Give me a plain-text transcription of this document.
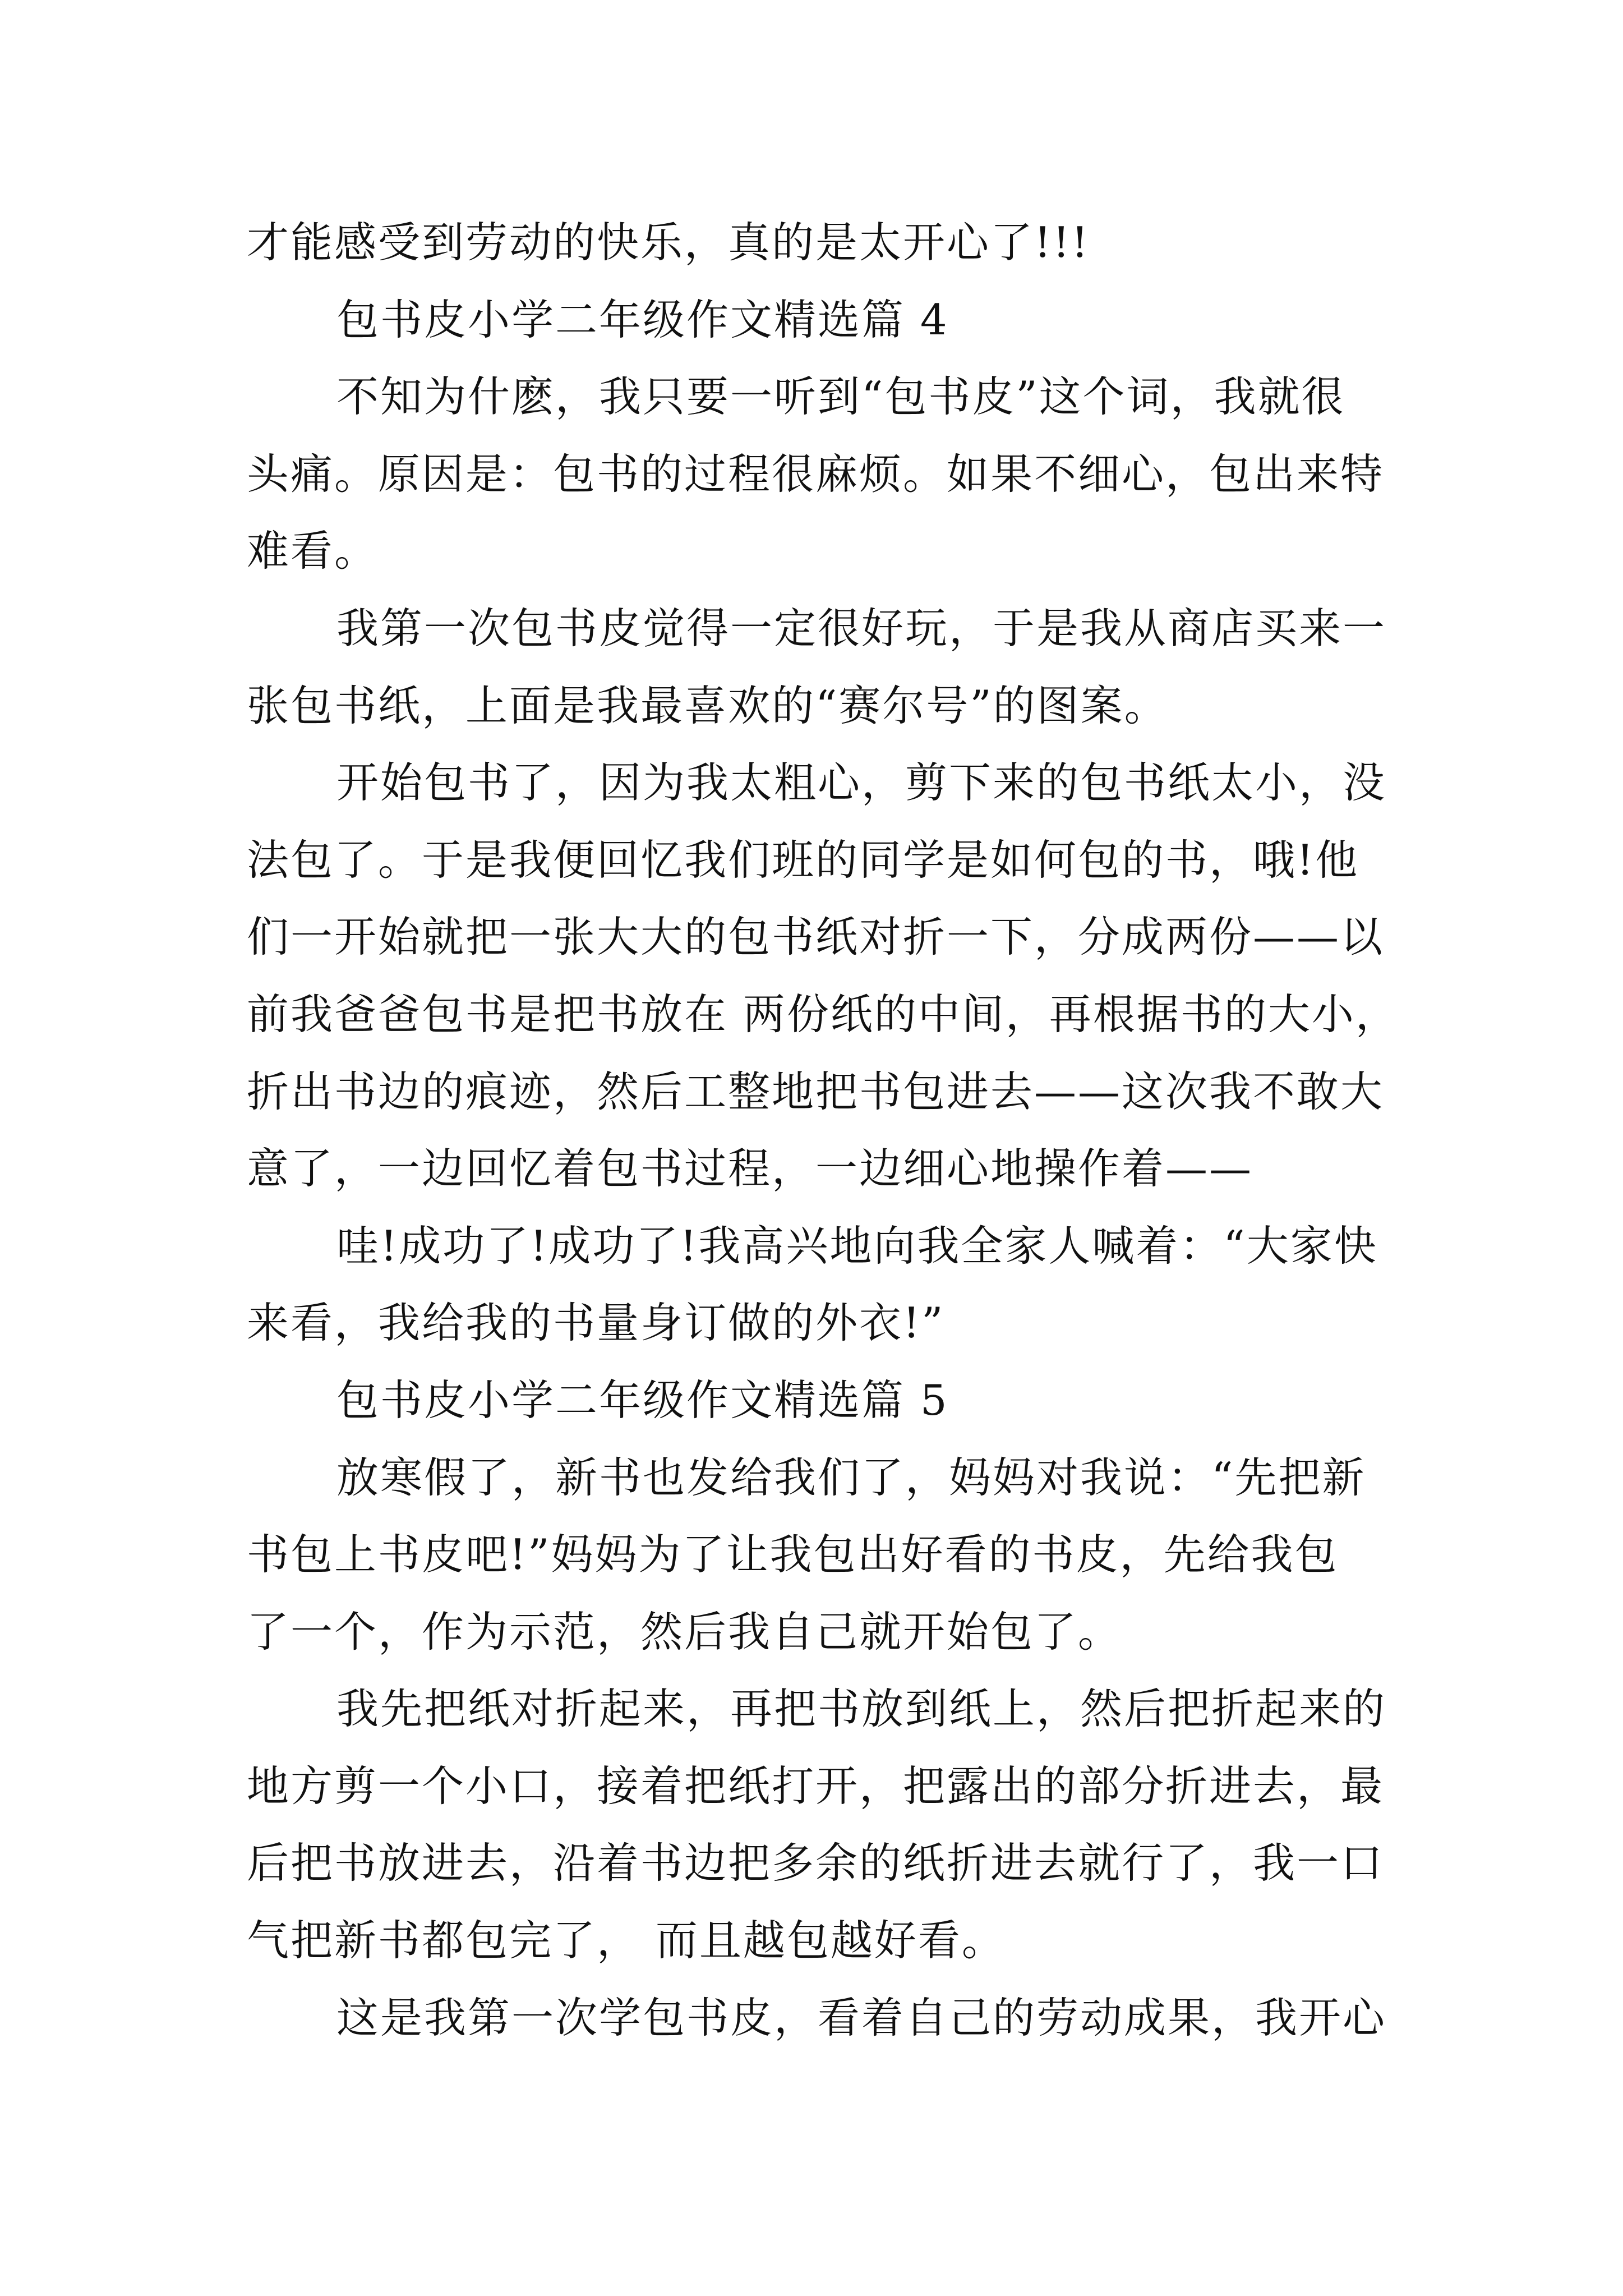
才能感受到劳动的快乐，真的是太开心了!!!
包书皮小学二年级作文精选篇 4
不知为什麽，我只要一听到“包书皮”这个词，我就很
头痛。原因是：包书的过程很麻烦。如果不细心，包出来特
难看。
我第一次包书皮觉得一定很好玩，于是我从商店买来一
张包书纸，上面是我最喜欢的“赛尔号”的图案。
开始包书了，因为我太粗心，剪下来的包书纸太小，没
法包了。于是我便回忆我们班的同学是如何包的书，哦!他
们一开始就把一张大大的包书纸对折一下，分成两份——以
前我爸爸包书是把书放在 两份纸的中间，再根据书的大小，
折出书边的痕迹，然后工整地把书包进去——这次我不敢大
意了，一边回忆着包书过程，一边细心地操作着——
哇!成功了!成功了!我高兴地向我全家人喊着：“大家快
来看，我给我的书量身订做的外衣!”
包书皮小学二年级作文精选篇 5
放寒假了，新书也发给我们了，妈妈对我说：“先把新
书包上书皮吧!”妈妈为了让我包出好看的书皮，先给我包
了一个，作为示范，然后我自己就开始包了。
我先把纸对折起来，再把书放到纸上，然后把折起来的
地方剪一个小口，接着把纸打开，把露出的部分折进去，最
后把书放进去，沿着书边把多余的纸折进去就行了，我一口
气把新书都包完了， 而且越包越好看。
这是我第一次学包书皮，看着自己的劳动成果，我开心
